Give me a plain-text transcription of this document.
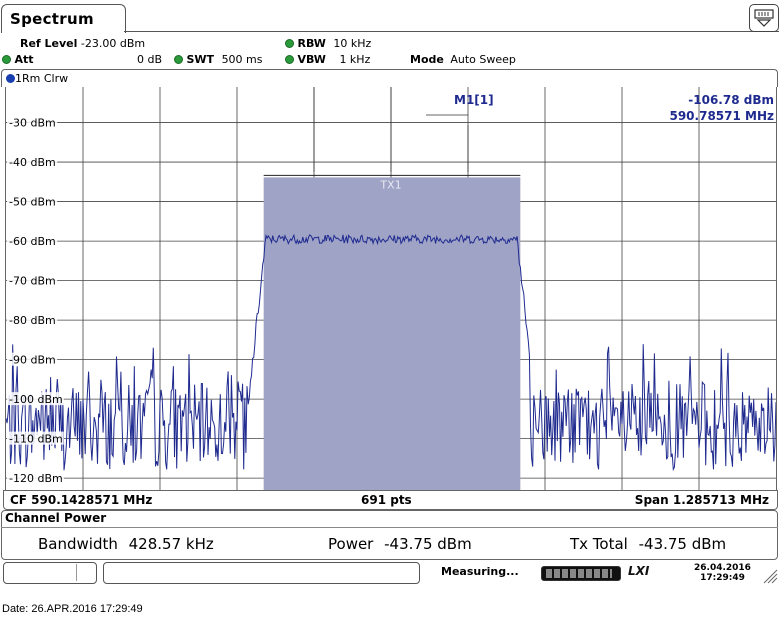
Spectrum
Ref Level -23.00 dBm	RBW 10 kHz
Att	0 dB	SWT 500 ms	VBW 1 kHz	Mode Auto Sweep
1Rm Clrw
TX1
-30 dBm
-40 dBm
-50 dBm
-60 dBm
-70 dBm
-80 dBm
-90 dBm
-100 dBm
-110 dBm
-120 dBm
M1[1]	-106.78 dBm
590.78571 MHz
CF 590.1428571 MHz	691 pts	Span 1.285713 MHz
Channel Power
Bandwidth 428.57 kHz	Power -43.75 dBm	Tx Total -43.75 dBm
Measuring...	LXI	26.04.2016
17:29:49
Date: 26.APR.2016 17:29:49
